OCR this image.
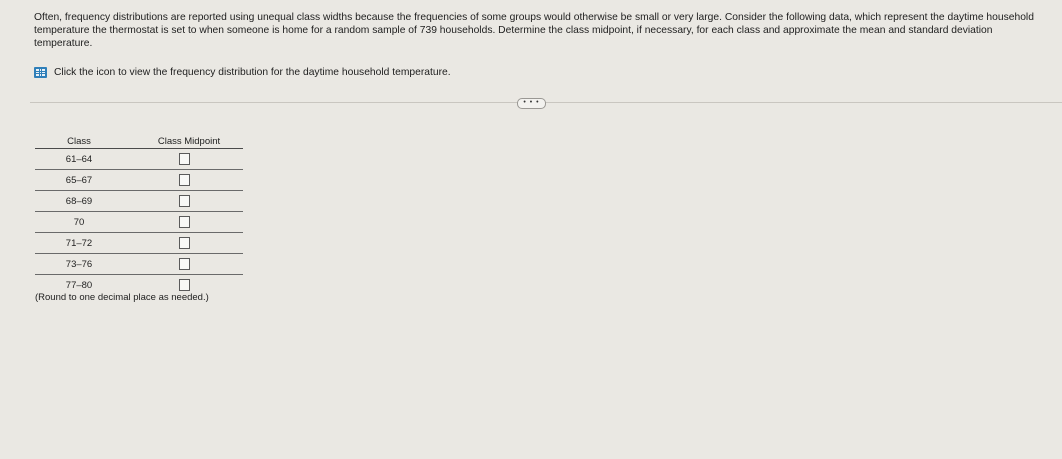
Often, frequency distributions are reported using unequal class widths because the frequencies of some groups would otherwise be small or very large. Consider the following data, which represent the daytime household temperature the thermostat is set to when someone is home for a random sample of 739 households. Determine the class midpoint, if necessary, for each class and approximate the mean and standard deviation temperature.
Click the icon to view the frequency distribution for the daytime household temperature.
• • •
Class	Class Midpoint
61–64
65–67
68–69
70
71–72
73–76
77–80
(Round to one decimal place as needed.)
